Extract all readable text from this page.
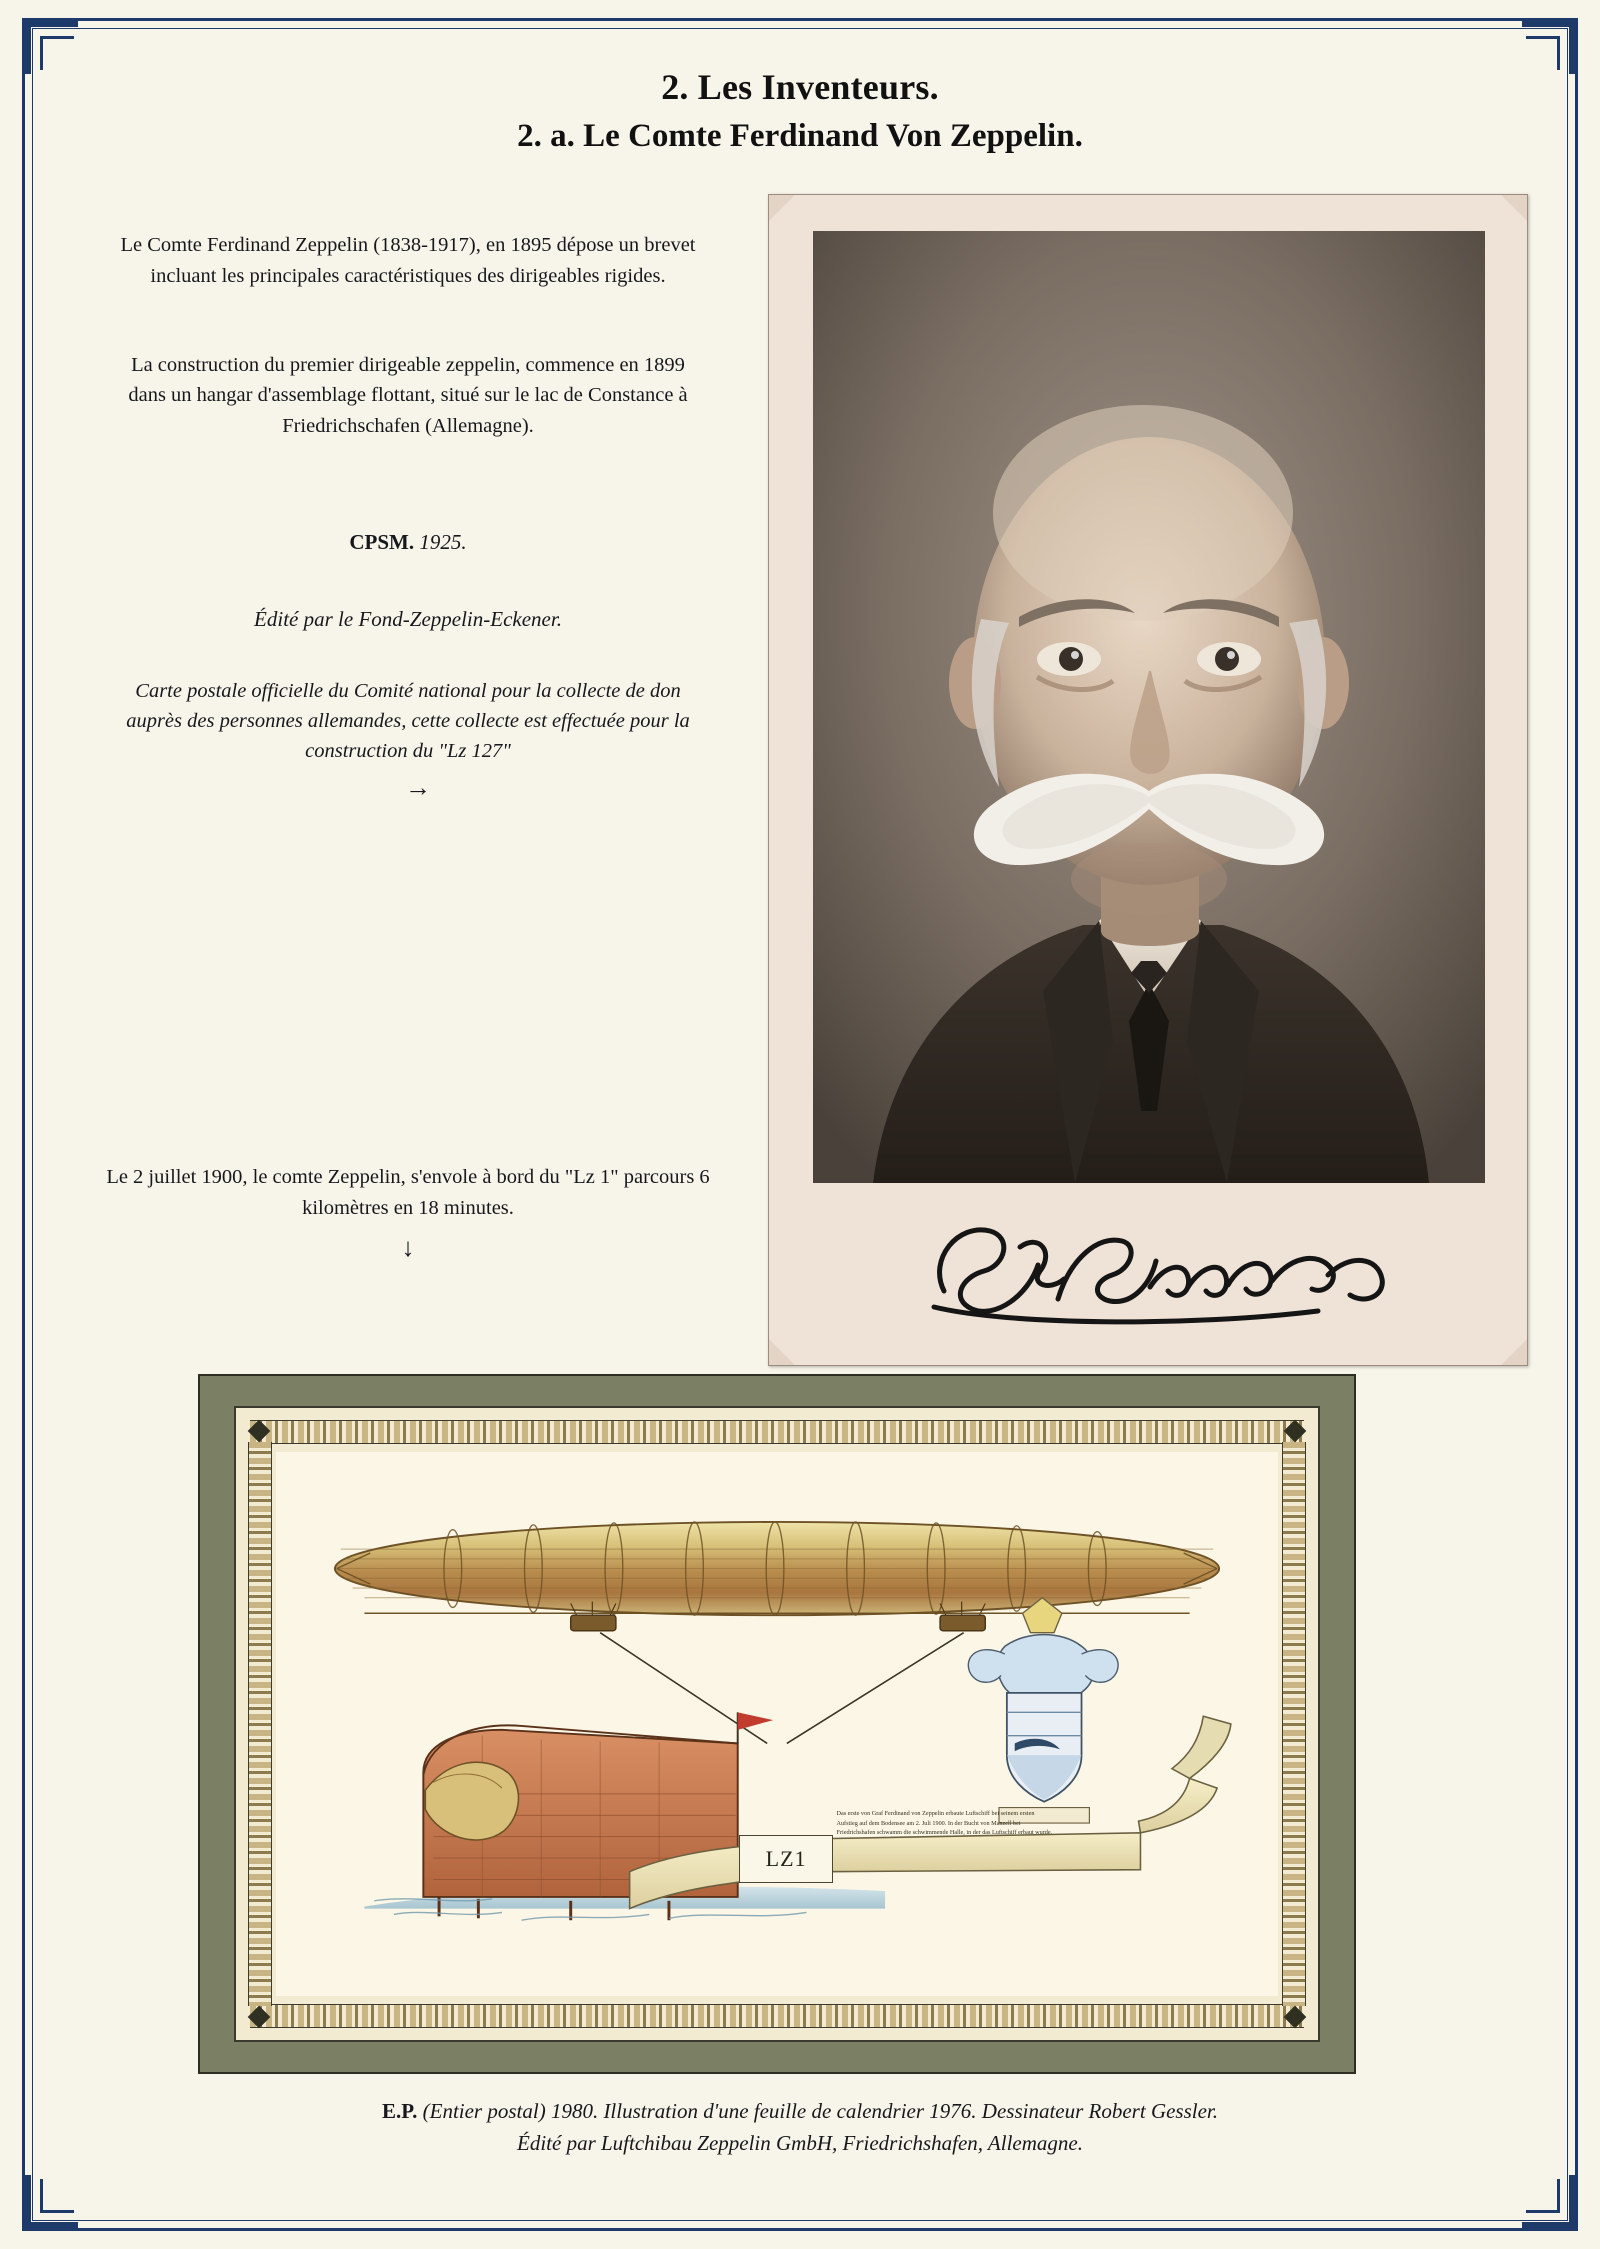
2. Les Inventeurs.
2. a. Le Comte Ferdinand Von Zeppelin.
Le Comte Ferdinand Zeppelin (1838-1917), en 1895 dépose un brevet incluant les principales caractéristiques des dirigeables rigides.
La construction du premier dirigeable zeppelin, commence en 1899 dans un hangar d'assemblage flottant, situé sur le lac de Constance à Friedrichschafen (Allemagne).
CPSM. 1925.
Édité par le Fond-Zeppelin-Eckener.
Carte postale officielle du Comité national pour la collecte de don auprès des personnes allemandes, cette collecte est effectuée pour la construction du "Lz 127"
→
Le 2 juillet 1900, le comte Zeppelin, s'envole à bord du "Lz 1" parcours 6 kilomètres en 18 minutes.
↓
LZ1
Das erste von Graf Ferdinand von Zeppelin erbaute Luftschiff bei seinem ersten Aufstieg auf dem Bodensee am 2. Juli 1900. In der Bucht von Manzell bei Friedrichshafen schwamm die schwimmende Halle, in der das Luftschiff erbaut wurde.
E.P. (Entier postal) 1980. Illustration d'une feuille de calendrier 1976. Dessinateur Robert Gessler.
Édité par Luftchibau Zeppelin GmbH, Friedrichshafen, Allemagne.
